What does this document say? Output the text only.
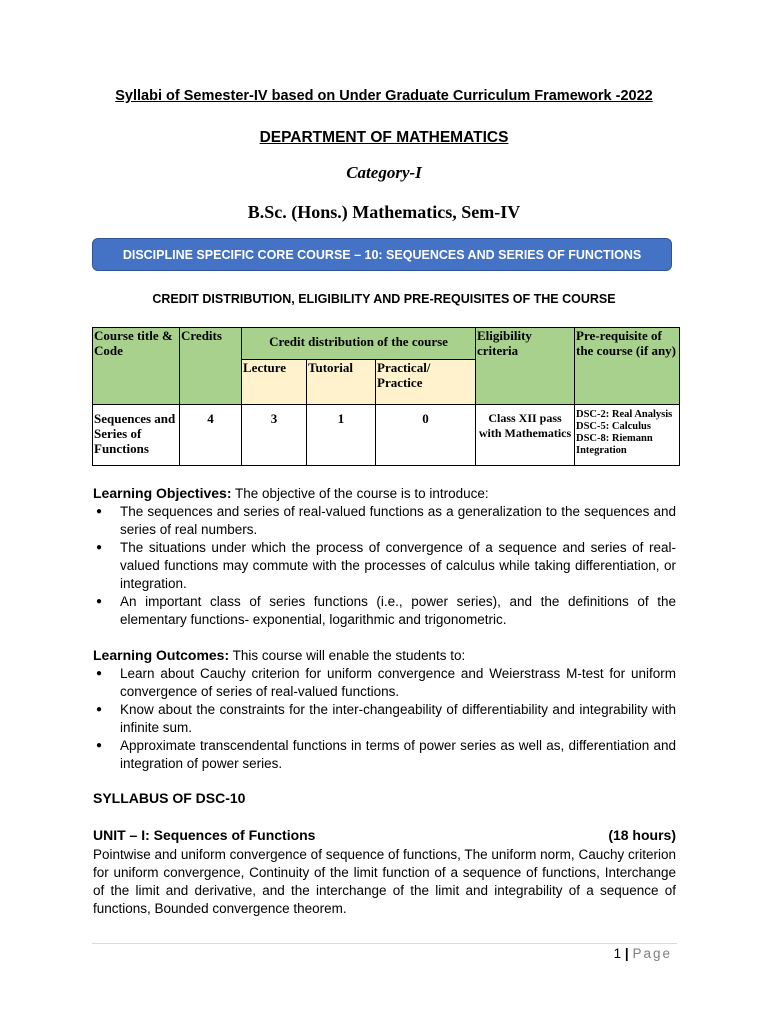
Syllabi of Semester-IV based on Under Graduate Curriculum Framework -2022
DEPARTMENT OF MATHEMATICS
Category-I
B.Sc. (Hons.) Mathematics, Sem-IV
DISCIPLINE SPECIFIC CORE COURSE – 10: SEQUENCES AND SERIES OF FUNCTIONS
CREDIT DISTRIBUTION, ELIGIBILITY AND PRE-REQUISITES OF THE COURSE
Course title & Code	Credits	Credit distribution of the course			Eligibility criteria	Pre-requisite of the course (if any)
		Lecture	Tutorial	Practical/ Practice		
Sequences and Series of Functions	4	3	1	0	Class XII pass with Mathematics	DSC-2: Real Analysis
DSC-5: Calculus
DSC-8: Riemann Integration
Learning Objectives: The objective of the course is to introduce:
● The sequences and series of real-valued functions as a generalization to the sequences and series of real numbers.
● The situations under which the process of convergence of a sequence and series of real-valued functions may commute with the processes of calculus while taking differentiation, or integration.
● An important class of series functions (i.e., power series), and the definitions of the elementary functions- exponential, logarithmic and trigonometric.
Learning Outcomes: This course will enable the students to:
● Learn about Cauchy criterion for uniform convergence and Weierstrass M-test for uniform convergence of series of real-valued functions.
● Know about the constraints for the inter-changeability of differentiability and integrability with infinite sum.
● Approximate transcendental functions in terms of power series as well as, differentiation and integration of power series.
SYLLABUS OF DSC-10
UNIT – I: Sequences of Functions	(18 hours)
Pointwise and uniform convergence of sequence of functions, The uniform norm, Cauchy criterion for uniform convergence, Continuity of the limit function of a sequence of functions, Interchange of the limit and derivative, and the interchange of the limit and integrability of a sequence of functions, Bounded convergence theorem.
1 | Page
